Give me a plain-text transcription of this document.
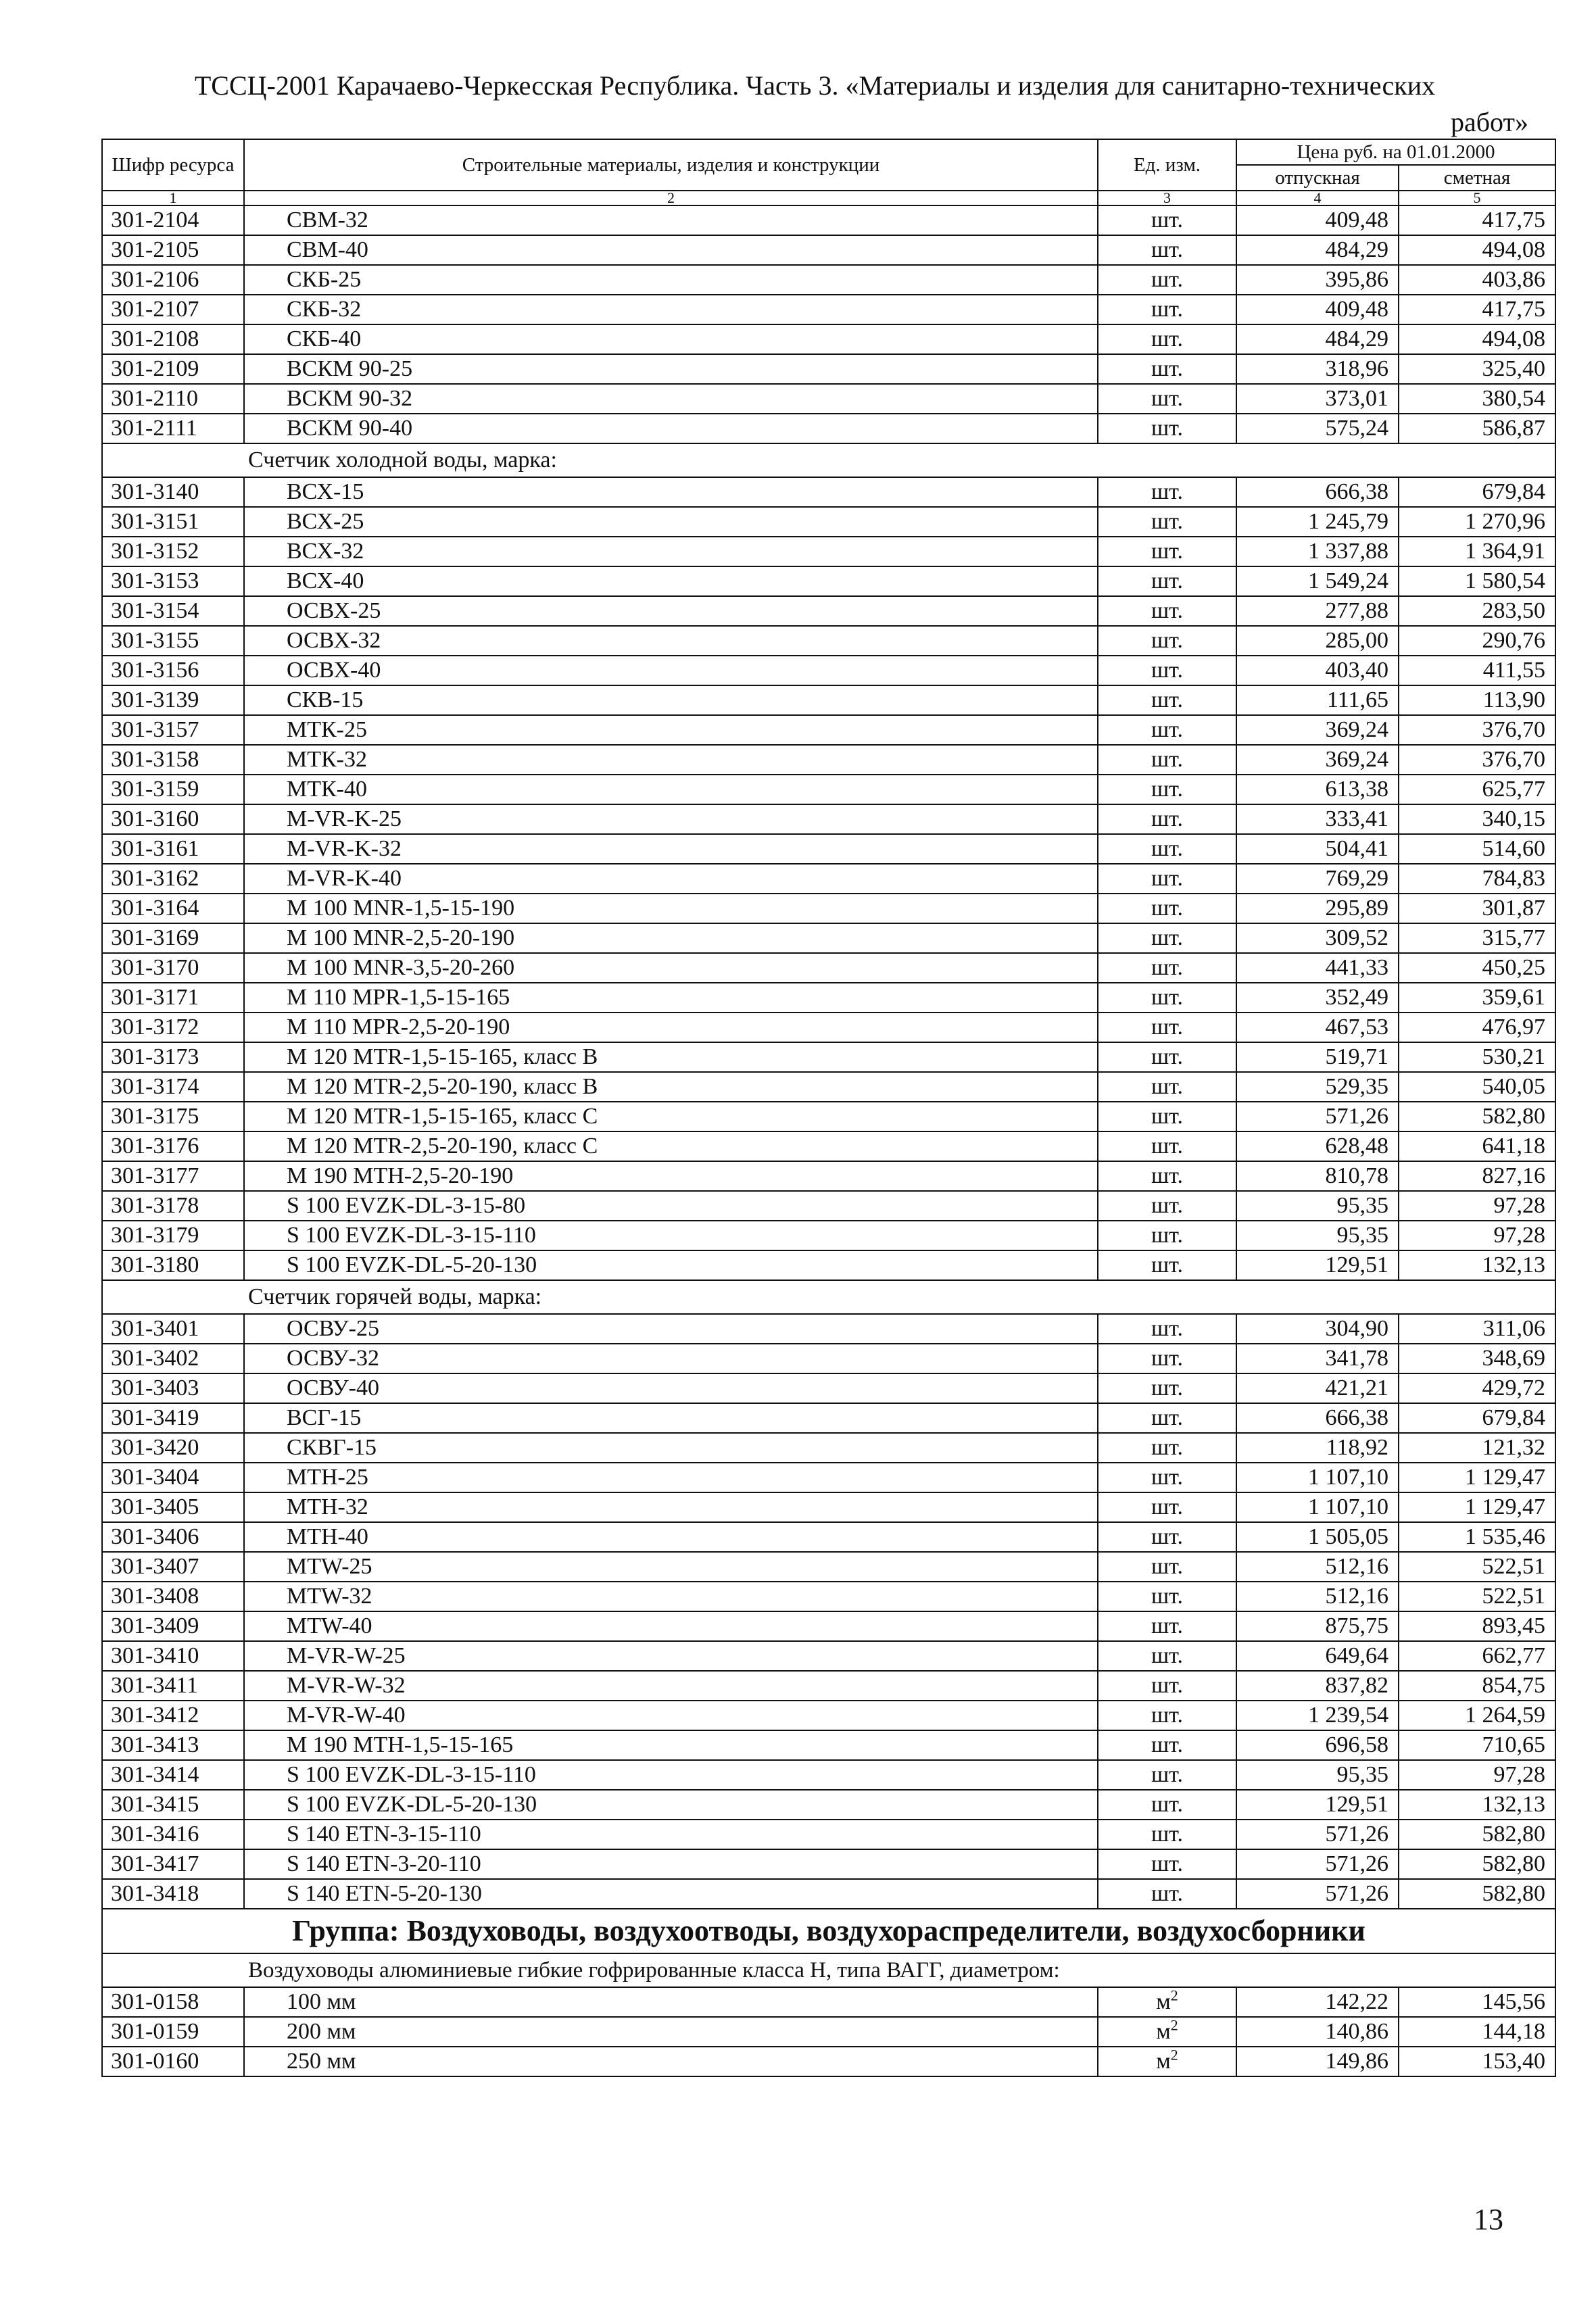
ТССЦ-2001 Карачаево-Черкесская Республика. Часть 3. «Материалы и изделия для санитарно-технических
работ»
Шифр ресурса	Строительные материалы, изделия и конструкции	Ед. изм.	Цена руб. на 01.01.2000	
			отпускная	сметная
1	2	3	4	5
301-2104	СВМ-32	шт.	409,48	417,75
301-2105	СВМ-40	шт.	484,29	494,08
301-2106	СКБ-25	шт.	395,86	403,86
301-2107	СКБ-32	шт.	409,48	417,75
301-2108	СКБ-40	шт.	484,29	494,08
301-2109	ВСКМ 90-25	шт.	318,96	325,40
301-2110	ВСКМ 90-32	шт.	373,01	380,54
301-2111	ВСКМ 90-40	шт.	575,24	586,87
Счетчик холодной воды, марка:				
301-3140	ВСХ-15	шт.	666,38	679,84
301-3151	ВСХ-25	шт.	1 245,79	1 270,96
301-3152	ВСХ-32	шт.	1 337,88	1 364,91
301-3153	ВСХ-40	шт.	1 549,24	1 580,54
301-3154	ОСВХ-25	шт.	277,88	283,50
301-3155	ОСВХ-32	шт.	285,00	290,76
301-3156	ОСВХ-40	шт.	403,40	411,55
301-3139	СКВ-15	шт.	111,65	113,90
301-3157	МТК-25	шт.	369,24	376,70
301-3158	МТК-32	шт.	369,24	376,70
301-3159	МТК-40	шт.	613,38	625,77
301-3160	M-VR-K-25	шт.	333,41	340,15
301-3161	M-VR-K-32	шт.	504,41	514,60
301-3162	M-VR-K-40	шт.	769,29	784,83
301-3164	М 100 MNR-1,5-15-190	шт.	295,89	301,87
301-3169	М 100 MNR-2,5-20-190	шт.	309,52	315,77
301-3170	М 100 MNR-3,5-20-260	шт.	441,33	450,25
301-3171	М 110 MPR-1,5-15-165	шт.	352,49	359,61
301-3172	М 110 MPR-2,5-20-190	шт.	467,53	476,97
301-3173	М 120 MTR-1,5-15-165, класс В	шт.	519,71	530,21
301-3174	М 120 MTR-2,5-20-190, класс В	шт.	529,35	540,05
301-3175	М 120 MTR-1,5-15-165, класс С	шт.	571,26	582,80
301-3176	М 120 MTR-2,5-20-190, класс С	шт.	628,48	641,18
301-3177	М 190 MTH-2,5-20-190	шт.	810,78	827,16
301-3178	S 100 EVZK-DL-3-15-80	шт.	95,35	97,28
301-3179	S 100 EVZK-DL-3-15-110	шт.	95,35	97,28
301-3180	S 100 EVZK-DL-5-20-130	шт.	129,51	132,13
Счетчик горячей воды, марка:				
301-3401	ОСВУ-25	шт.	304,90	311,06
301-3402	ОСВУ-32	шт.	341,78	348,69
301-3403	ОСВУ-40	шт.	421,21	429,72
301-3419	ВСГ-15	шт.	666,38	679,84
301-3420	СКВГ-15	шт.	118,92	121,32
301-3404	МТН-25	шт.	1 107,10	1 129,47
301-3405	МТН-32	шт.	1 107,10	1 129,47
301-3406	МТН-40	шт.	1 505,05	1 535,46
301-3407	MTW-25	шт.	512,16	522,51
301-3408	MTW-32	шт.	512,16	522,51
301-3409	MTW-40	шт.	875,75	893,45
301-3410	M-VR-W-25	шт.	649,64	662,77
301-3411	M-VR-W-32	шт.	837,82	854,75
301-3412	M-VR-W-40	шт.	1 239,54	1 264,59
301-3413	М 190 MTH-1,5-15-165	шт.	696,58	710,65
301-3414	S 100 EVZK-DL-3-15-110	шт.	95,35	97,28
301-3415	S 100 EVZK-DL-5-20-130	шт.	129,51	132,13
301-3416	S 140 ETN-3-15-110	шт.	571,26	582,80
301-3417	S 140 ETN-3-20-110	шт.	571,26	582,80
301-3418	S 140 ETN-5-20-130	шт.	571,26	582,80
Группа: Воздуховоды, воздухоотводы, воздухораспределители, воздухосборники				
Воздуховоды алюминиевые гибкие гофрированные класса Н, типа ВАГГ, диаметром:				
301-0158	100 мм	$м^2$	142,22	145,56
301-0159	200 мм	$м^2$	140,86	144,18
301-0160	250 мм	$м^2$	149,86	153,40
13
